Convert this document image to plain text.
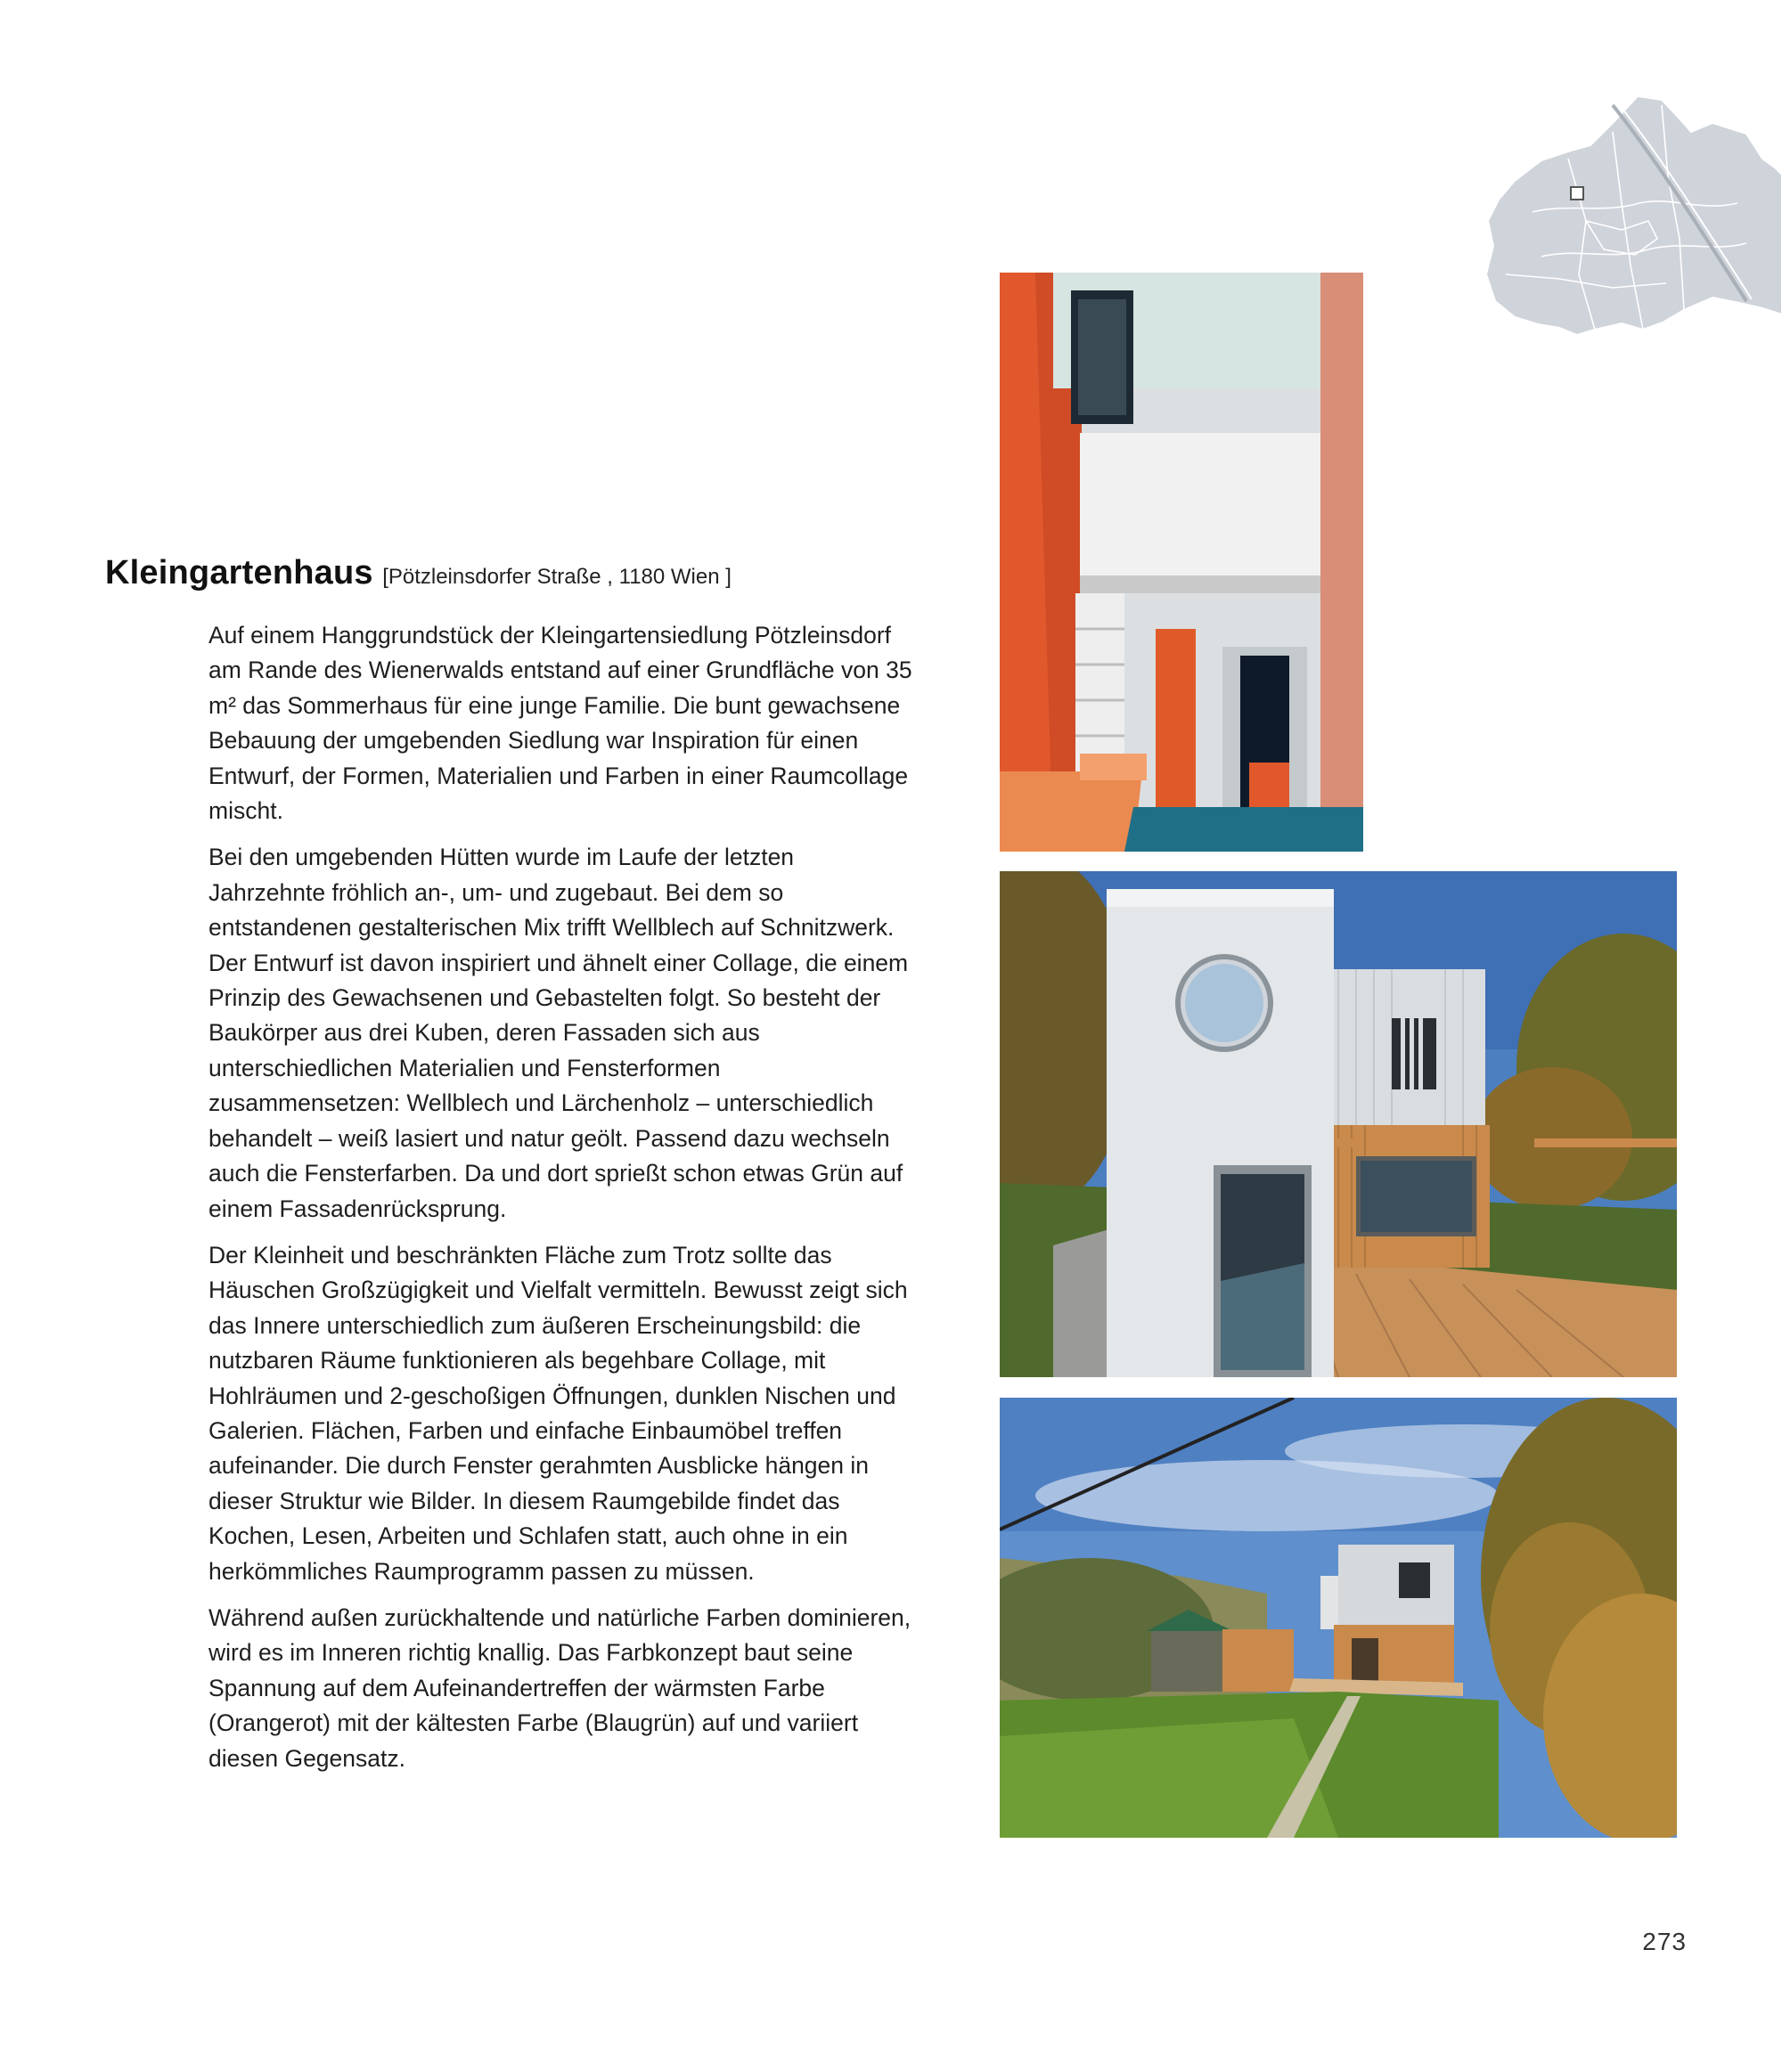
Kleingartenhaus [Pötzleinsdorfer Straße , 1180 Wien ]

Auf einem Hanggrundstück der Kleingartensiedlung Pötzleinsdorf am Rande des Wienerwalds entstand auf einer Grundfläche von 35 m² das Sommerhaus für eine junge Familie. Die bunt gewachsene Bebauung der umgebenden Siedlung war Inspiration für einen Entwurf, der Formen, Materialien und Farben in einer Raumcollage mischt.

Bei den umgebenden Hütten wurde im Laufe der letzten Jahrzehnte fröhlich an-, um- und zugebaut. Bei dem so entstandenen gestalterischen Mix trifft Wellblech auf Schnitzwerk. Der Entwurf ist davon inspiriert und ähnelt einer Collage, die einem Prinzip des Gewachsenen und Gebastelten folgt. So besteht der Baukörper aus drei Kuben, deren Fassaden sich aus unterschiedlichen Materialien und Fensterformen zusammensetzen: Wellblech und Lärchenholz – unterschiedlich behandelt – weiß lasiert und natur geölt. Passend dazu wechseln auch die Fensterfarben. Da und dort sprießt schon etwas Grün auf einem Fassadenrücksprung.

Der Kleinheit und beschränkten Fläche zum Trotz sollte das Häuschen Großzügigkeit und Vielfalt vermitteln. Bewusst zeigt sich das Innere unterschiedlich zum äußeren Erscheinungsbild: die nutzbaren Räume funktionieren als begehbare Collage, mit Hohlräumen und 2-geschoßigen Öffnungen, dunklen Nischen und Galerien. Flächen, Farben und einfache Einbaumöbel treffen aufeinander. Die durch Fenster gerahmten Ausblicke hängen in dieser Struktur wie Bilder. In diesem Raumgebilde findet das Kochen, Lesen, Arbeiten und Schlafen statt, auch ohne in ein herkömmliches Raumprogramm passen zu müssen.

Während außen zurückhaltende und natürliche Farben dominieren, wird es im Inneren richtig knallig. Das Farbkonzept baut seine Spannung auf dem Aufeinandertreffen der wärmsten Farbe (Orangerot) mit der kältesten Farbe (Blaugrün) auf und variiert diesen Gegensatz.

273
